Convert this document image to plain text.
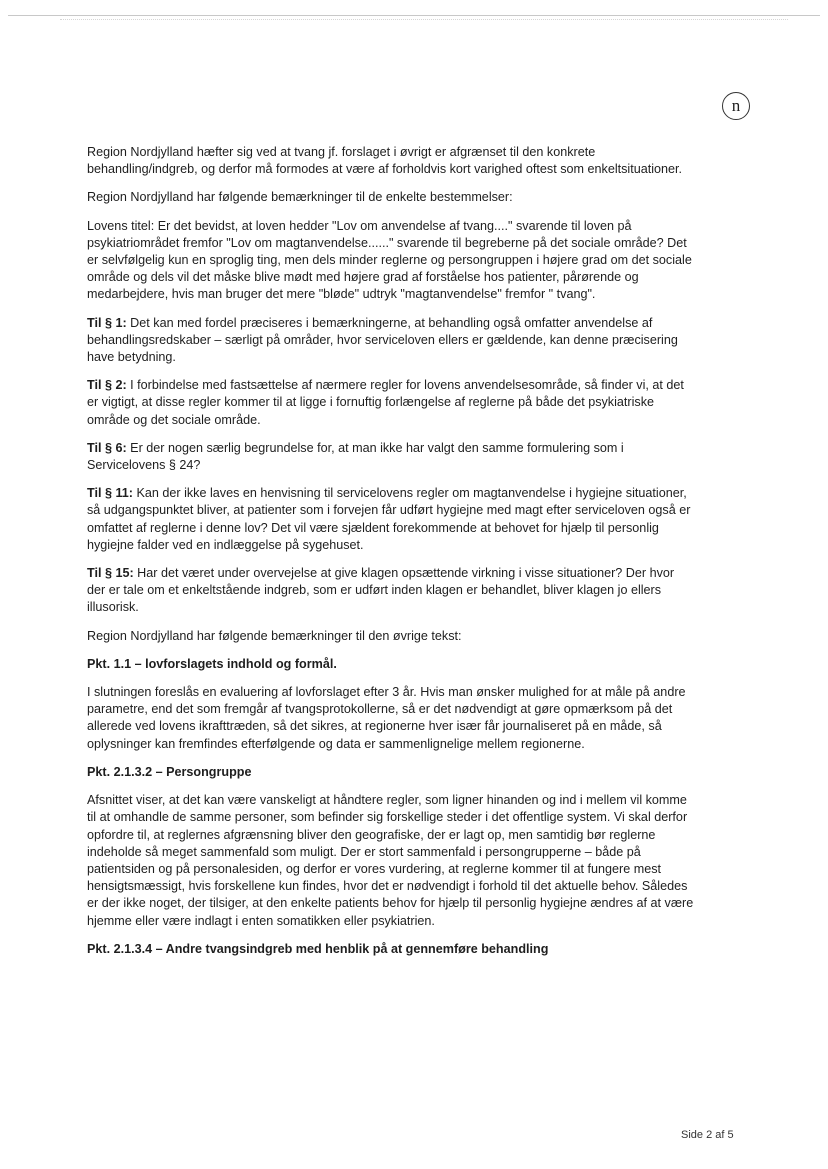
n

Region Nordjylland hæfter sig ved at tvang jf. forslaget i øvrigt er afgrænset til den konkrete behandling/indgreb, og derfor må formodes at være af forholdvis kort varighed oftest som enkeltsituationer.

Region Nordjylland har følgende bemærkninger til de enkelte bestemmelser:

Lovens titel: Er det bevidst, at loven hedder "Lov om anvendelse af tvang...." svarende til loven på psykiatriområdet fremfor "Lov om magtanvendelse......" svarende til begreberne på det sociale område? Det er selvfølgelig kun en sproglig ting, men dels minder reglerne og persongruppen i højere grad om det sociale område og dels vil det måske blive mødt med højere grad af forståelse hos patienter, pårørende og medarbejdere, hvis man bruger det mere "bløde" udtryk "magtanvendelse" fremfor " tvang".

Til § 1: Det kan med fordel præciseres i bemærkningerne, at behandling også omfatter anvendelse af behandlingsredskaber – særligt på områder, hvor serviceloven ellers er gældende, kan denne præcisering have betydning.

Til § 2: I forbindelse med fastsættelse af nærmere regler for lovens anvendelsesområde, så finder vi, at det er vigtigt, at disse regler kommer til at ligge i fornuftig forlængelse af reglerne på både det psykiatriske område og det sociale område.

Til § 6: Er der nogen særlig begrundelse for, at man ikke har valgt den samme formulering som i Servicelovens § 24?

Til § 11: Kan der ikke laves en henvisning til servicelovens regler om magtanvendelse i hygiejne situationer, så udgangspunktet bliver, at patienter som i forvejen får udført hygiejne med magt efter serviceloven også er omfattet af reglerne i denne lov? Det vil være sjældent forekommende at behovet for hjælp til personlig hygiejne falder ved en indlæggelse på sygehuset.

Til § 15: Har det været under overvejelse at give klagen opsættende virkning i visse situationer? Der hvor der er tale om et enkeltstående indgreb, som er udført inden klagen er behandlet, bliver klagen jo ellers illusorisk.

Region Nordjylland har følgende bemærkninger til den øvrige tekst:

Pkt. 1.1 – lovforslagets indhold og formål.

I slutningen foreslås en evaluering af lovforslaget efter 3 år. Hvis man ønsker mulighed for at måle på andre parametre, end det som fremgår af tvangsprotokollerne, så er det nødvendigt at gøre opmærksom på det allerede ved lovens ikrafttræden, så det sikres, at regionerne hver især får journaliseret på en måde, så oplysninger kan fremfindes efterfølgende og data er sammenlignelige mellem regionerne.

Pkt. 2.1.3.2 – Persongruppe

Afsnittet viser, at det kan være vanskeligt at håndtere regler, som ligner hinanden og ind i mellem vil komme til at omhandle de samme personer, som befinder sig forskellige steder i det offentlige system. Vi skal derfor opfordre til, at reglernes afgrænsning bliver den geografiske, der er lagt op, men samtidig bør reglerne indeholde så meget sammenfald som muligt. Der er stort sammenfald i persongrupperne – både på patientsiden og på personalesiden, og derfor er vores vurdering, at reglerne kommer til at fungere mest hensigtsmæssigt, hvis forskellene kun findes, hvor det er nødvendigt i forhold til det aktuelle behov. Således er der ikke noget, der tilsiger, at den enkelte patients behov for hjælp til personlig hygiejne ændres af at være hjemme eller være indlagt i enten somatikken eller psykiatrien.

Pkt. 2.1.3.4 – Andre tvangsindgreb med henblik på at gennemføre behandling

Side 2 af 5
